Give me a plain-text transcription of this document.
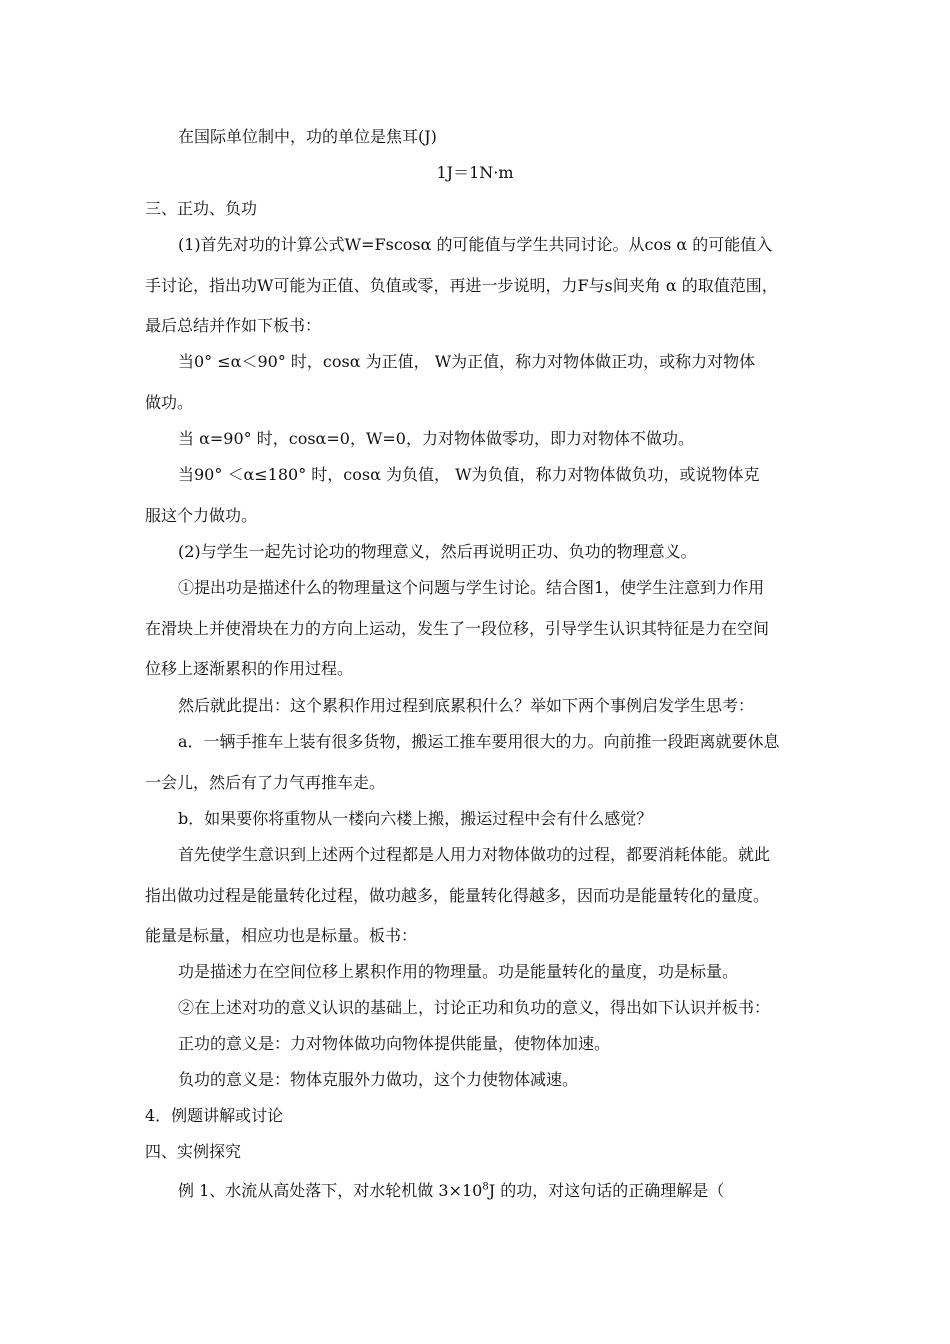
在国际单位制中，功的单位是焦耳(J)
1J＝1N·m
三、正功、负功
(1)首先对功的计算公式W=Fscosα 的可能值与学生共同讨论。从cos α 的可能值入
手讨论，指出功W可能为正值、负值或零，再进一步说明，力F与s间夹角 α 的取值范围，
最后总结并作如下板书：
当0° ≤α＜90° 时，cosα 为正值， W为正值，称力对物体做正功，或称力对物体
做功。
当 α=90° 时，cosα=0，W=0，力对物体做零功，即力对物体不做功。
当90° ＜α≤180° 时，cosα 为负值， W为负值，称力对物体做负功，或说物体克
服这个力做功。
(2)与学生一起先讨论功的物理意义，然后再说明正功、负功的物理意义。
①提出功是描述什么的物理量这个问题与学生讨论。结合图1，使学生注意到力作用
在滑块上并使滑块在力的方向上运动，发生了一段位移，引导学生认识其特征是力在空间
位移上逐渐累积的作用过程。
然后就此提出：这个累积作用过程到底累积什么？举如下两个事例启发学生思考：
a．一辆手推车上装有很多货物，搬运工推车要用很大的力。向前推一段距离就要休息
一会儿，然后有了力气再推车走。
b．如果要你将重物从一楼向六楼上搬，搬运过程中会有什么感觉？
首先使学生意识到上述两个过程都是人用力对物体做功的过程，都要消耗体能。就此
指出做功过程是能量转化过程，做功越多，能量转化得越多，因而功是能量转化的量度。
能量是标量，相应功也是标量。板书：
功是描述力在空间位移上累积作用的物理量。功是能量转化的量度，功是标量。
②在上述对功的意义认识的基础上，讨论正功和负功的意义，得出如下认识并板书：
正功的意义是：力对物体做功向物体提供能量，使物体加速。
负功的意义是：物体克服外力做功，这个力使物体减速。
4．例题讲解或讨论
四、实例探究
例 1、水流从高处落下，对水轮机做 $3\times 10^8J$ 的功，对这句话的正确理解是（
